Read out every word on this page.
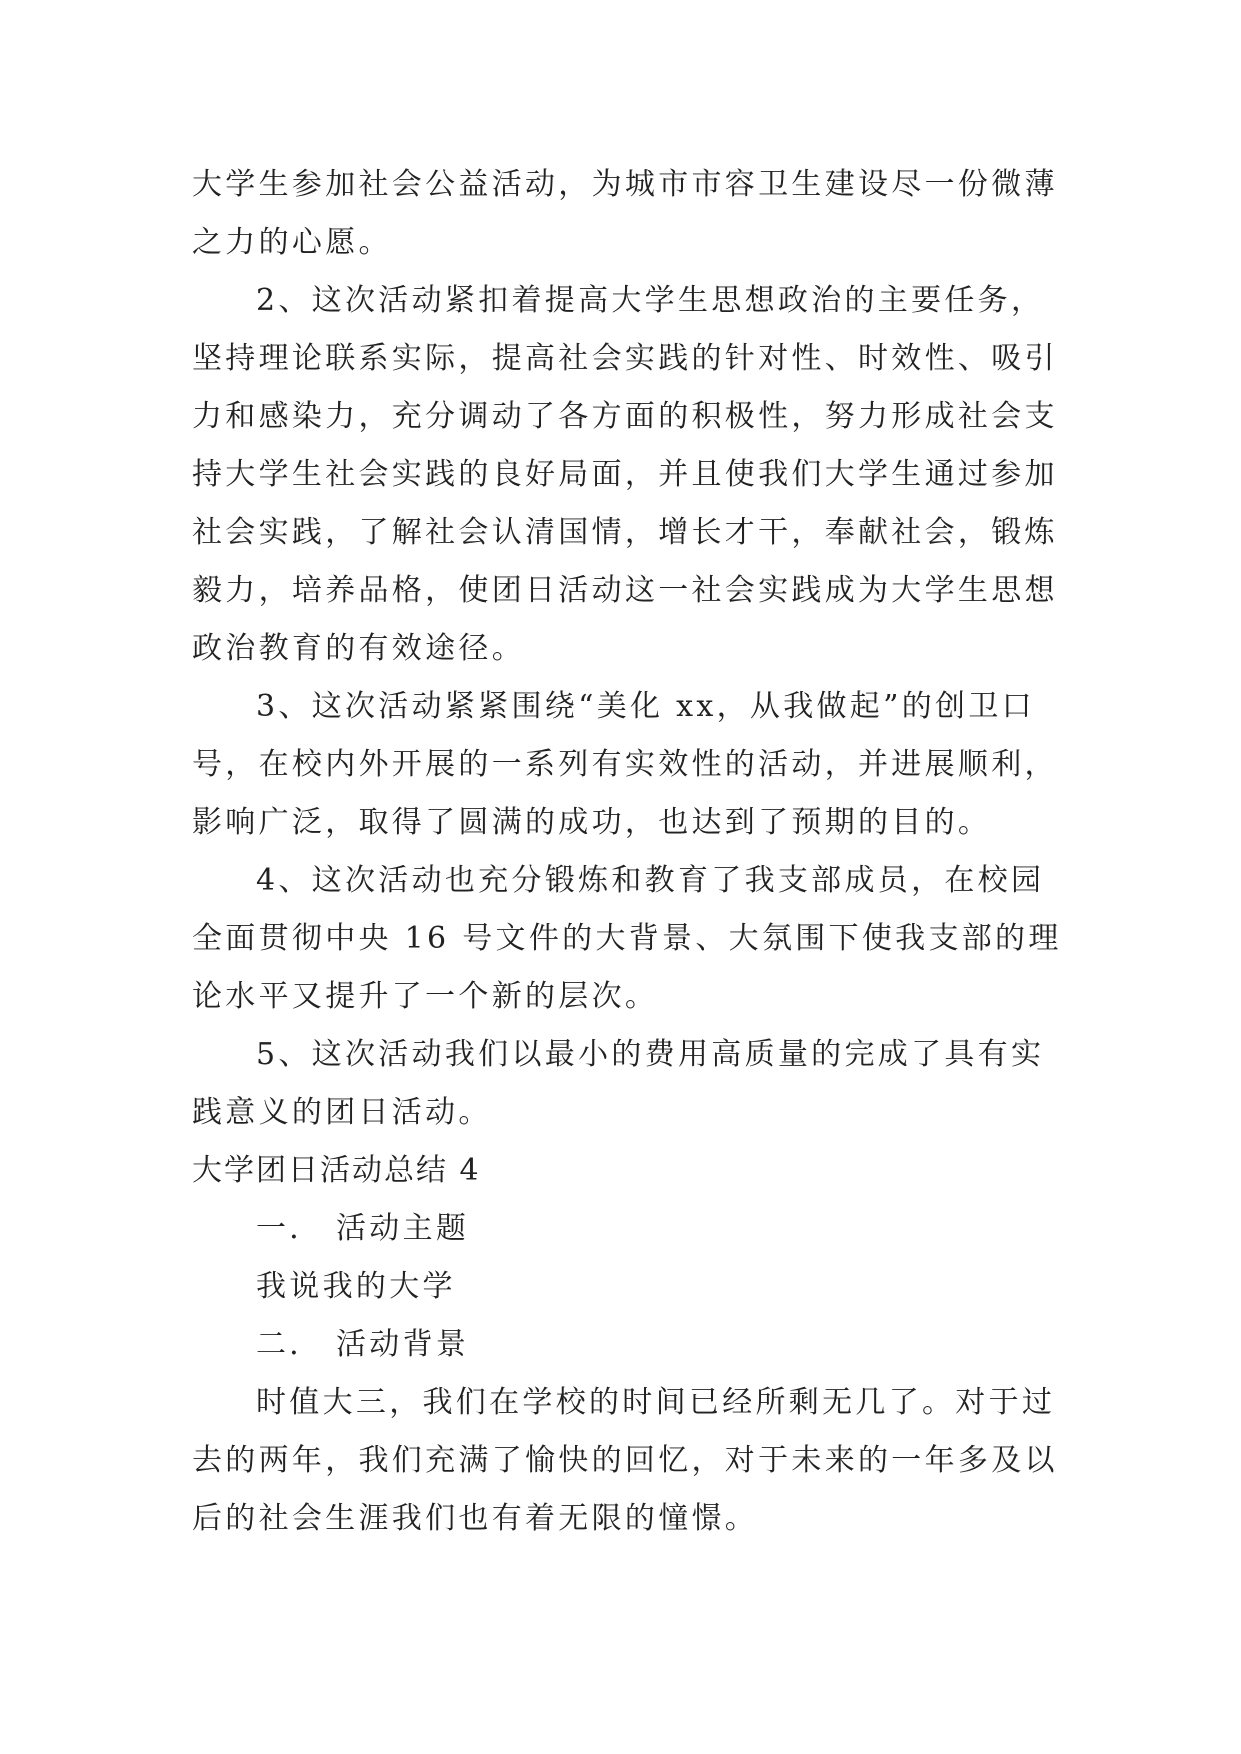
大学生参加社会公益活动，为城市市容卫生建设尽一份微薄

之力的心愿。

2、这次活动紧扣着提高大学生思想政治的主要任务，

坚持理论联系实际，提高社会实践的针对性、时效性、吸引

力和感染力，充分调动了各方面的积极性，努力形成社会支

持大学生社会实践的良好局面，并且使我们大学生通过参加

社会实践，了解社会认清国情，增长才干，奉献社会，锻炼

毅力，培养品格，使团日活动这一社会实践成为大学生思想

政治教育的有效途径。

3、这次活动紧紧围绕“美化 xx，从我做起”的创卫口

号，在校内外开展的一系列有实效性的活动，并进展顺利，

影响广泛，取得了圆满的成功，也达到了预期的目的。

4、这次活动也充分锻炼和教育了我支部成员，在校园

全面贯彻中央 16 号文件的大背景、大氛围下使我支部的理

论水平又提升了一个新的层次。

5、这次活动我们以最小的费用高质量的完成了具有实

践意义的团日活动。

大学团日活动总结 4

一． 活动主题

我说我的大学

二． 活动背景

时值大三，我们在学校的时间已经所剩无几了。对于过

去的两年，我们充满了愉快的回忆，对于未来的一年多及以

后的社会生涯我们也有着无限的憧憬。
